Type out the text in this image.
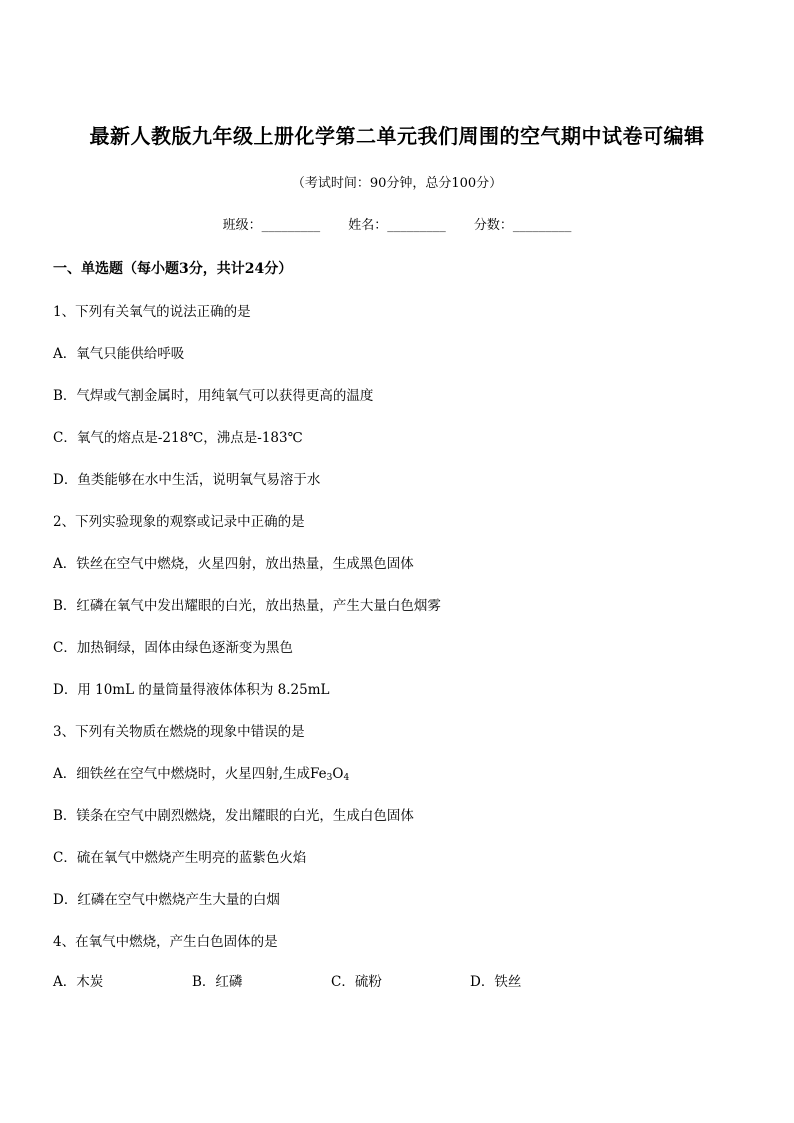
最新人教版九年级上册化学第二单元我们周围的空气期中试卷可编辑
（考试时间：90分钟，总分100分）
班级：_________ 姓名：_________ 分数：_________
一、单选题（每小题3分，共计24分）
1、下列有关氧气的说法正确的是
A．氧气只能供给呼吸
B．气焊或气割金属时，用纯氧气可以获得更高的温度
C．氧气的熔点是-218℃，沸点是-183℃
D．鱼类能够在水中生活，说明氧气易溶于水
2、下列实验现象的观察或记录中正确的是
A．铁丝在空气中燃烧，火星四射，放出热量，生成黑色固体
B．红磷在氧气中发出耀眼的白光，放出热量，产生大量白色烟雾
C．加热铜绿，固体由绿色逐渐变为黑色
D．用 10mL 的量筒量得液体体积为 8.25mL
3、下列有关物质在燃烧的现象中错误的是
A．细铁丝在空气中燃烧时，火星四射,生成$Fe_3O_4$
B．镁条在空气中剧烈燃烧，发出耀眼的白光，生成白色固体
C．硫在氧气中燃烧产生明亮的蓝紫色火焰
D．红磷在空气中燃烧产生大量的白烟
4、在氧气中燃烧，产生白色固体的是
A．木炭	B．红磷	C．硫粉	D．铁丝
